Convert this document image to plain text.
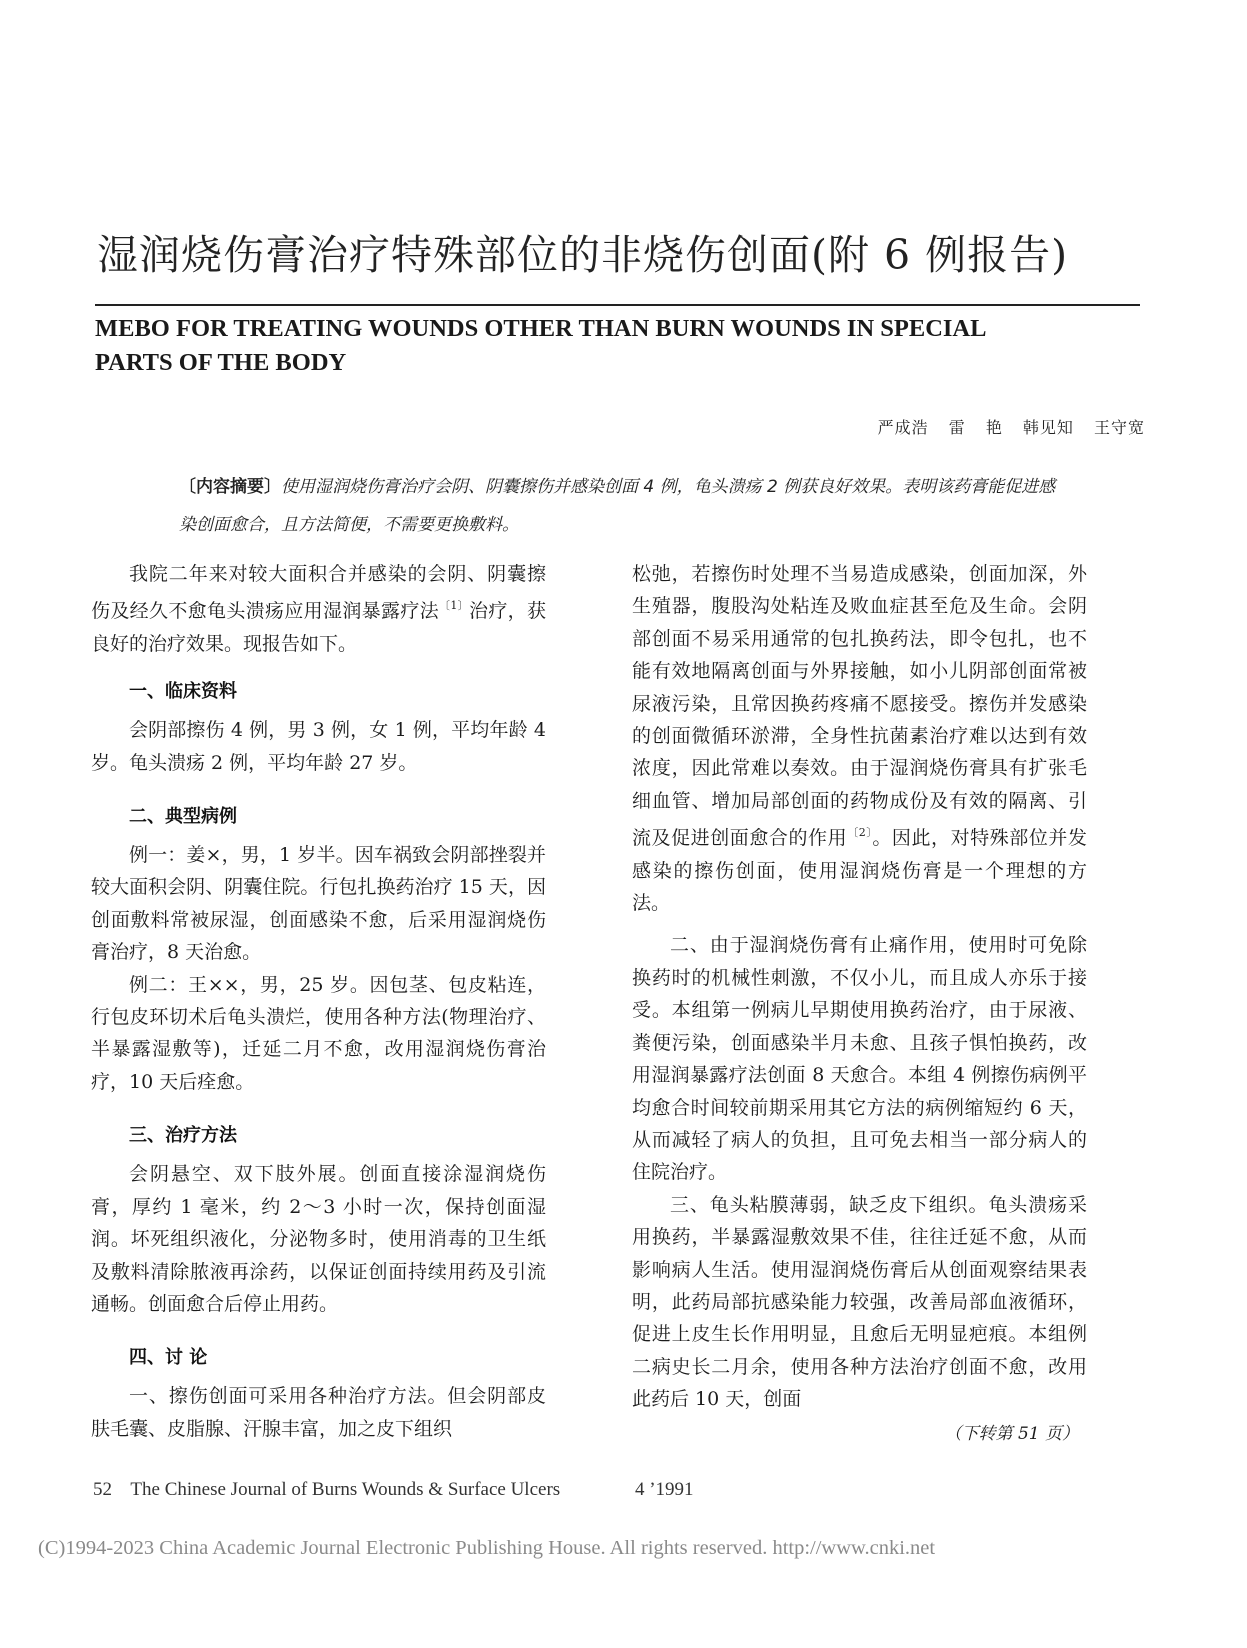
湿润烧伤膏治疗特殊部位的非烧伤创面(附 6 例报告)
MEBO FOR TREATING WOUNDS OTHER THAN BURN WOUNDS IN SPECIAL
PARTS OF THE BODY
严成浩 雷 艳 韩见知 王守宽
〔内容摘要〕使用湿润烧伤膏治疗会阴、阴囊擦伤并感染创面 4 例，龟头溃疡 2 例获良好效果。表明该药膏能促进感染创面愈合，且方法简便，不需要更换敷料。

我院二年来对较大面积合并感染的会阴、阴囊擦伤及经久不愈龟头溃疡应用湿润暴露疗法$^{〔1〕}$治疗，获良好的治疗效果。现报告如下。

一、临床资料

会阴部擦伤 4 例，男 3 例，女 1 例，平均年龄 4 岁。龟头溃疡 2 例，平均年龄 27 岁。

二、典型病例

例一：姜×，男，1 岁半。因车祸致会阴部挫裂并较大面积会阴、阴囊住院。行包扎换药治疗 15 天，因创面敷料常被尿湿，创面感染不愈，后采用湿润烧伤膏治疗，8 天治愈。

例二：王××，男，25 岁。因包茎、包皮粘连，行包皮环切术后龟头溃烂，使用各种方法(物理治疗、半暴露湿敷等)，迁延二月不愈，改用湿润烧伤膏治疗，10 天后痊愈。

三、治疗方法

会阴悬空、双下肢外展。创面直接涂湿润烧伤膏，厚约 1 毫米，约 2～3 小时一次，保持创面湿润。坏死组织液化，分泌物多时，使用消毒的卫生纸及敷料清除脓液再涂药，以保证创面持续用药及引流通畅。创面愈合后停止用药。

四、讨 论

一、擦伤创面可采用各种治疗方法。但会阴部皮肤毛囊、皮脂腺、汗腺丰富，加之皮下组织

松弛，若擦伤时处理不当易造成感染，创面加深，外生殖器，腹股沟处粘连及败血症甚至危及生命。会阴部创面不易采用通常的包扎换药法，即令包扎，也不能有效地隔离创面与外界接触，如小儿阴部创面常被尿液污染，且常因换药疼痛不愿接受。擦伤并发感染的创面微循环淤滞，全身性抗菌素治疗难以达到有效浓度，因此常难以奏效。由于湿润烧伤膏具有扩张毛细血管、增加局部创面的药物成份及有效的隔离、引流及促进创面愈合的作用$^{〔2〕}$。因此，对特殊部位并发感染的擦伤创面，使用湿润烧伤膏是一个理想的方法。

二、由于湿润烧伤膏有止痛作用，使用时可免除换药时的机械性刺激，不仅小儿，而且成人亦乐于接受。本组第一例病儿早期使用换药治疗，由于尿液、粪便污染，创面感染半月未愈、且孩子惧怕换药，改用湿润暴露疗法创面 8 天愈合。本组 4 例擦伤病例平均愈合时间较前期采用其它方法的病例缩短约 6 天，从而减轻了病人的负担，且可免去相当一部分病人的住院治疗。

三、龟头粘膜薄弱，缺乏皮下组织。龟头溃疡采用换药，半暴露湿敷效果不佳，往往迁延不愈，从而影响病人生活。使用湿润烧伤膏后从创面观察结果表明，此药局部抗感染能力较强，改善局部血液循环，促进上皮生长作用明显，且愈后无明显疤痕。本组例二病史长二月余，使用各种方法治疗创面不愈，改用此药后 10 天，创面

（下转第 51 页）
52 The Chinese Journal of Burns Wounds & Surface Ulcers	4 ’1991
(C)1994-2023 China Academic Journal Electronic Publishing House. All rights reserved. http://www.cnki.net
